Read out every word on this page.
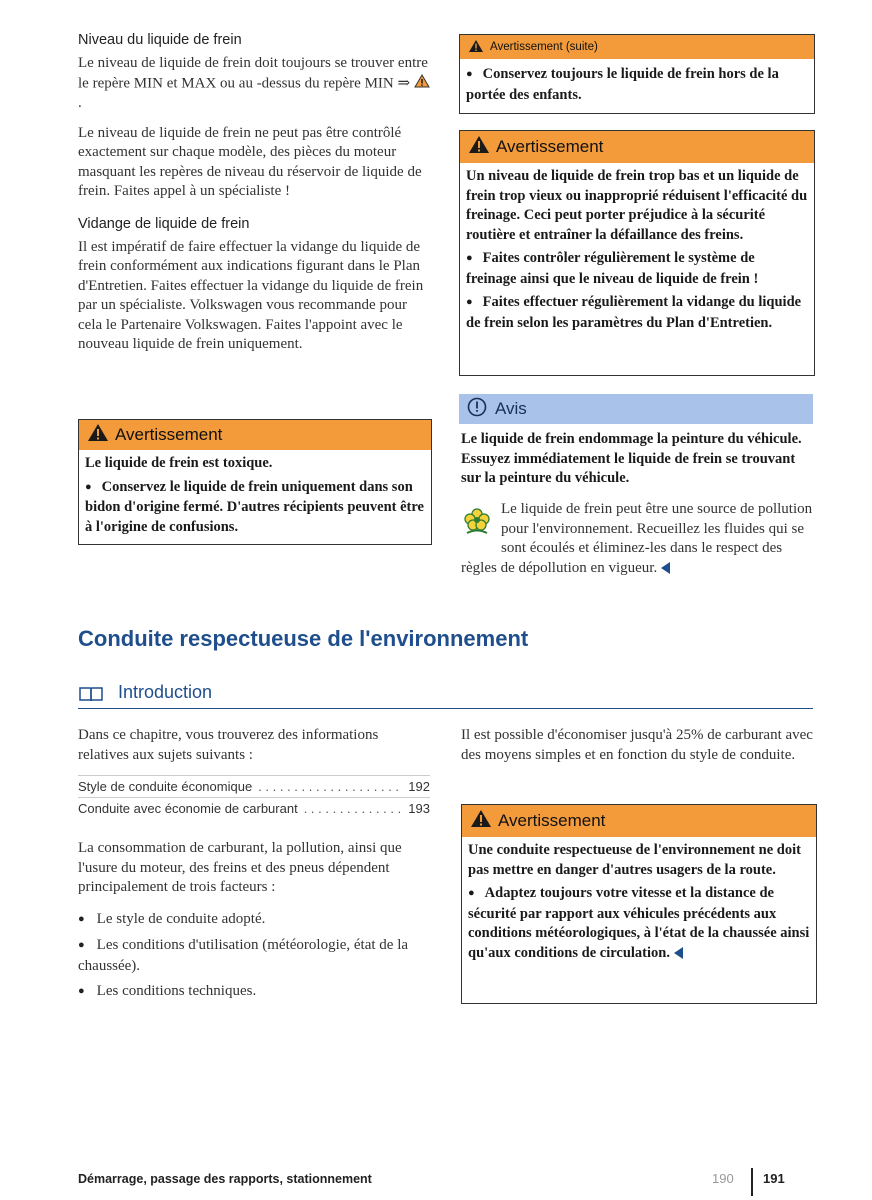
Niveau du liquide de frein

Le niveau de liquide de frein doit toujours se trouver entre le repère MIN et MAX ou au -dessus du repère MIN ⇒ .

Le niveau de liquide de frein ne peut pas être contrôlé exactement sur chaque modèle, des pièces du moteur masquant les repères de niveau du réservoir de liquide de frein. Faites appel à un spécialiste !

Vidange de liquide de frein

Il est impératif de faire effectuer la vidange du liquide de frein conformément aux indications figurant dans le Plan d'Entretien. Faites effectuer la vidange du liquide de frein par un spécialiste. Volkswagen vous recommande pour cela le Partenaire Volkswagen. Faites l'appoint avec le nouveau liquide de frein uniquement.

Avertissement

Le liquide de frein est toxique.

● Conservez le liquide de frein uniquement dans son bidon d'origine fermé. D'autres récipients peuvent être à l'origine de confusions.

Avertissement (suite)

● Conservez toujours le liquide de frein hors de la portée des enfants.

Avertissement

Un niveau de liquide de frein trop bas et un liquide de frein trop vieux ou inapproprié réduisent l'efficacité du freinage. Ceci peut porter préjudice à la sécurité routière et entraîner la défaillance des freins.

● Faites contrôler régulièrement le système de freinage ainsi que le niveau de liquide de frein !

● Faites effectuer régulièrement la vidange du liquide de frein selon les paramètres du Plan d'Entretien.

Avis

Le liquide de frein endommage la peinture du véhicule. Essuyez immédiatement le liquide de frein se trouvant sur la peinture du véhicule.

Le liquide de frein peut être une source de pollution pour l'environnement. Recueillez les fluides qui se sont écoulés et éliminez-les dans le respect des règles de dépollution en vigueur.

Conduite respectueuse de l'environnement
Introduction

Dans ce chapitre, vous trouverez des informations relatives aux sujets suivants :

Style de conduite économique . . .	192
Conduite avec économie de carburant . . .	193

La consommation de carburant, la pollution, ainsi que l'usure du moteur, des freins et des pneus dépendent principalement de trois facteurs :

● Le style de conduite adopté.

● Les conditions d'utilisation (météorologie, état de la chaussée).

● Les conditions techniques.

Il est possible d'économiser jusqu'à 25% de carburant avec des moyens simples et en fonction du style de conduite.

Avertissement

Une conduite respectueuse de l'environnement ne doit pas mettre en danger d'autres usagers de la route.

● Adaptez toujours votre vitesse et la distance de sécurité par rapport aux véhicules précédents aux conditions météorologiques, à l'état de la chaussée ainsi qu'aux conditions de circulation.

Démarrage, passage des rapports, stationnement	190 191
